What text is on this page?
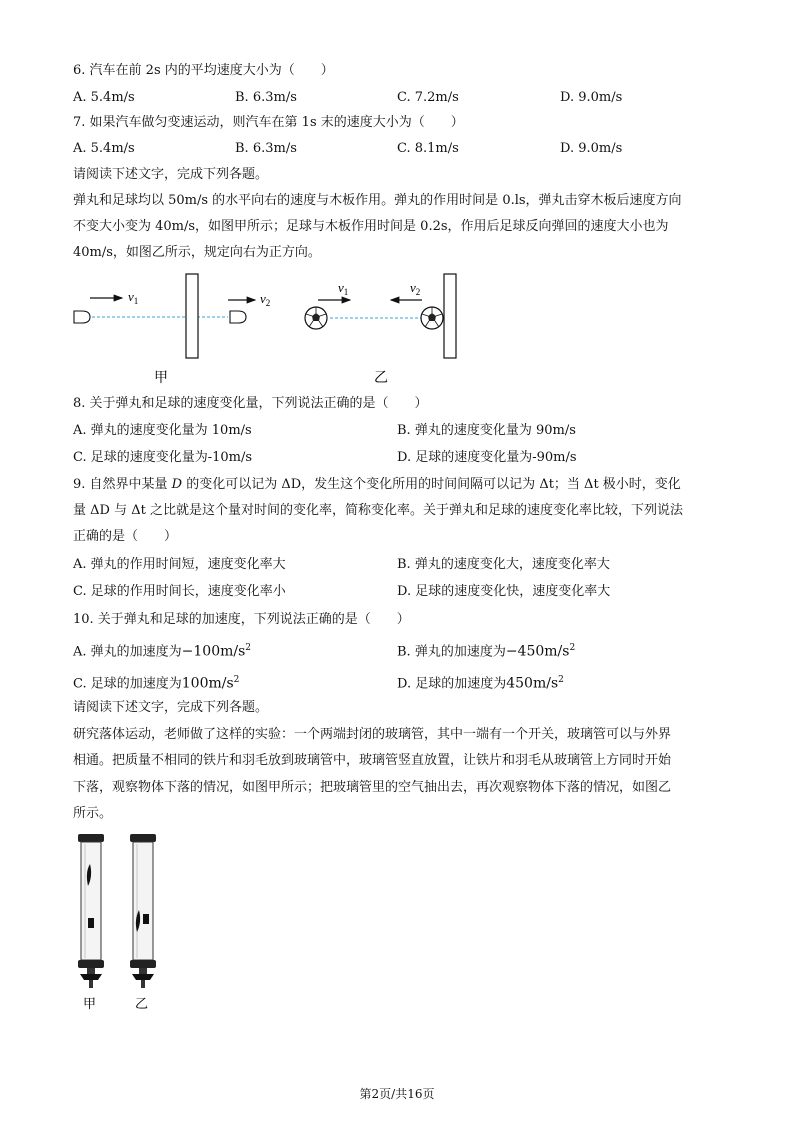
6. 汽车在前 2s 内的平均速度大小为（　　）
A. 5.4m/s	B. 6.3m/s	C. 7.2m/s	D. 9.0m/s
7. 如果汽车做匀变速运动，则汽车在第 1s 末的速度大小为（　　）
A. 5.4m/s	B. 6.3m/s	C. 8.1m/s	D. 9.0m/s
请阅读下述文字，完成下列各题。
弹丸和足球均以 50m/s 的水平向右的速度与木板作用。弹丸的作用时间是 0.ls，弹丸击穿木板后速度方向
不变大小变为 40m/s，如图甲所示；足球与木板作用时间是 0.2s，作用后足球反向弹回的速度大小也为
40m/s，如图乙所示，规定向右为正方向。
$v_1$	$v_2$
甲
$v_1$	$v_2$
乙
8. 关于弹丸和足球的速度变化量，下列说法正确的是（　　）
A. 弹丸的速度变化量为 10m/s	B. 弹丸的速度变化量为 90m/s
C. 足球的速度变化量为-10m/s	D. 足球的速度变化量为-90m/s
9. 自然界中某量 D 的变化可以记为 ΔD，发生这个变化所用的时间间隔可以记为 Δt；当 Δt 极小时，变化
量 ΔD 与 Δt 之比就是这个量对时间的变化率，简称变化率。关于弹丸和足球的速度变化率比较，下列说法
正确的是（　　）
A. 弹丸的作用时间短，速度变化率大	B. 弹丸的速度变化大，速度变化率大
C. 足球的作用时间长，速度变化率小	D. 足球的速度变化快，速度变化率大
10. 关于弹丸和足球的加速度，下列说法正确的是（　　）
A. 弹丸的加速度为$-100m/s^2$	B. 弹丸的加速度为$-450m/s^2$
C. 足球的加速度为$100m/s^2$	D. 足球的加速度为$450m/s^2$
请阅读下述文字，完成下列各题。
研究落体运动，老师做了这样的实验：一个两端封闭的玻璃管，其中一端有一个开关，玻璃管可以与外界
相通。把质量不相同的铁片和羽毛放到玻璃管中，玻璃管竖直放置，让铁片和羽毛从玻璃管上方同时开始
下落，观察物体下落的情况，如图甲所示；把玻璃管里的空气抽出去，再次观察物体下落的情况，如图乙
所示。
甲	乙
第2页/共16页
